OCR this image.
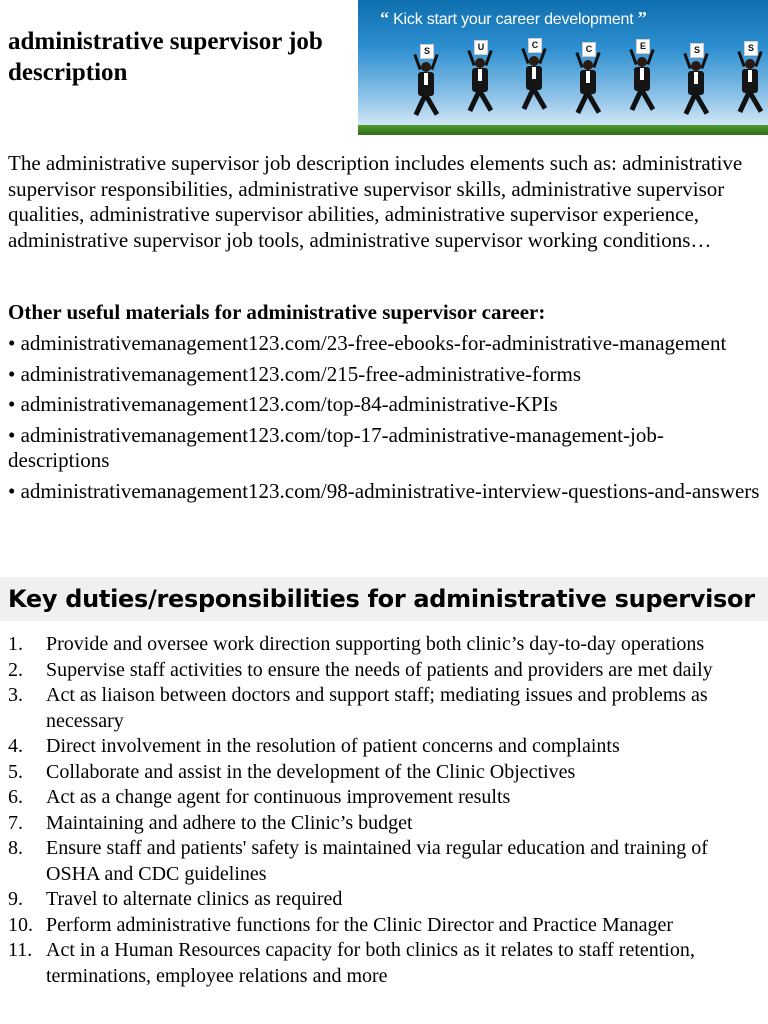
administrative supervisor job description
“ Kick start your career development ”
S	U	C	C	E	S	S
The administrative supervisor job description includes elements such as: administrative supervisor responsibilities, administrative supervisor skills, administrative supervisor qualities, administrative supervisor abilities, administrative supervisor experience, administrative supervisor job tools, administrative supervisor working conditions…
Other useful materials for administrative supervisor career:
• administrativemanagement123.com/23-free-ebooks-for-administrative-management
• administrativemanagement123.com/215-free-administrative-forms
• administrativemanagement123.com/top-84-administrative-KPIs
• administrativemanagement123.com/top-17-administrative-management-job-descriptions
• administrativemanagement123.com/98-administrative-interview-questions-and-answers
Key duties/responsibilities for administrative supervisor
1. Provide and oversee work direction supporting both clinic’s day-to-day operations
2. Supervise staff activities to ensure the needs of patients and providers are met daily
3. Act as liaison between doctors and support staff; mediating issues and problems as necessary
4. Direct involvement in the resolution of patient concerns and complaints
5. Collaborate and assist in the development of the Clinic Objectives
6. Act as a change agent for continuous improvement results
7. Maintaining and adhere to the Clinic’s budget
8. Ensure staff and patients' safety is maintained via regular education and training of OSHA and CDC guidelines
9. Travel to alternate clinics as required
10. Perform administrative functions for the Clinic Director and Practice Manager
11. Act in a Human Resources capacity for both clinics as it relates to staff retention, terminations, employee relations and more
